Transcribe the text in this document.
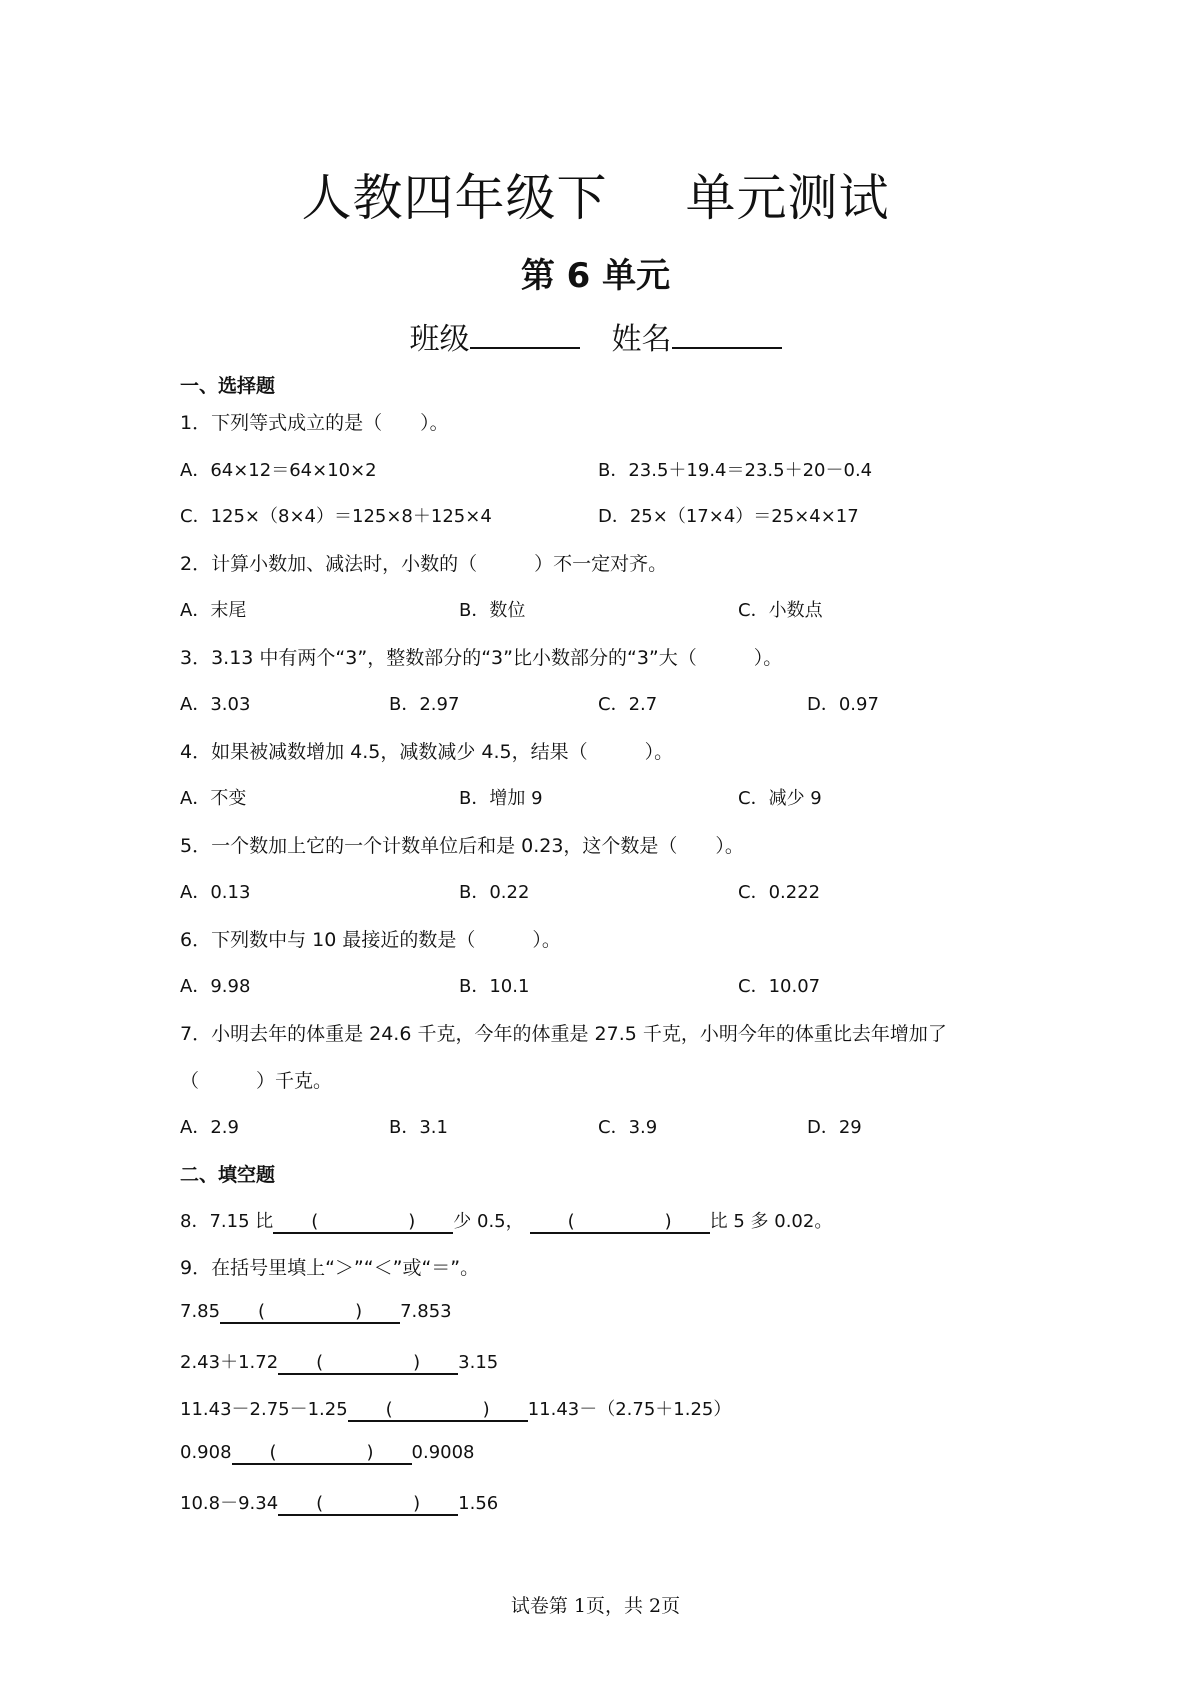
人教四年级下 单元测试
第 6 单元
班级	姓名
一、选择题
1．下列等式成立的是（　　）。
A．64×12＝64×10×2	B．23.5＋19.4＝23.5＋20－0.4
C．125×（8×4）＝125×8＋125×4	D．25×（17×4）＝25×4×17
2．计算小数加、减法时，小数的（　　　）不一定对齐。
A．末尾	B．数位	C．小数点
3．3.13 中有两个“3”，整数部分的“3”比小数部分的“3”大（　　　）。
A．3.03	B．2.97	C．2.7	D．0.97
4．如果被减数增加 4.5，减数减少 4.5，结果（　　　）。
A．不变	B．增加 9	C．减少 9
5．一个数加上它的一个计数单位后和是 0.23，这个数是（　　）。
A．0.13	B．0.22	C．0.222
6．下列数中与 10 最接近的数是（　　　）。
A．9.98	B．10.1	C．10.07
7．小明去年的体重是 24.6 千克，今年的体重是 27.5 千克，小明今年的体重比去年增加了
（　　　）千克。
A．2.9	B．3.1	C．3.9	D．29
二、填空题
8．7.15 比 (　　　　　) 少 0.5， (　　　　　) 比 5 多 0.02。
9．在括号里填上“＞”“＜”或“＝”。
7.85 (　　　　　) 7.853
2.43＋1.72 (　　　　　) 3.15
11.43－2.75－1.25 (　　　　　) 11.43－（2.75＋1.25）
0.908 (　　　　　) 0.9008
10.8－9.34 (　　　　　) 1.56
试卷第 1页，共 2页
